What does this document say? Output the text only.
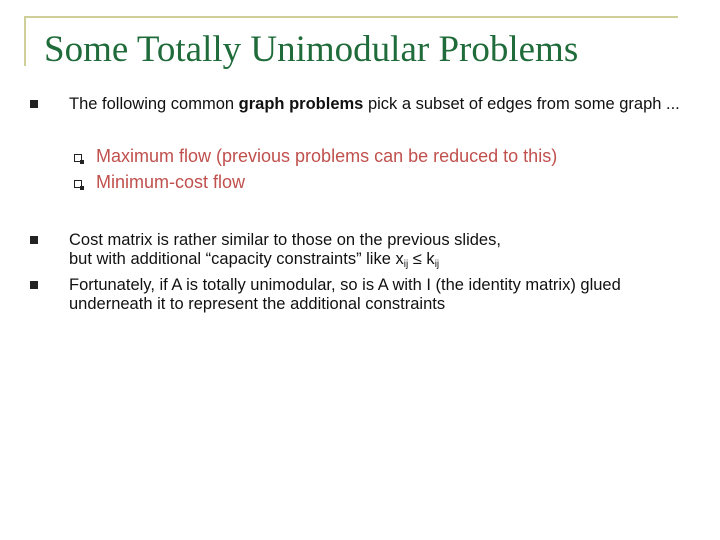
Some Totally Unimodular Problems
The following common graph problems pick a subset of edges from some graph ...
Maximum flow (previous problems can be reduced to this)
Minimum-cost flow
Cost matrix is rather similar to those on the previous slides,
but with additional “capacity constraints” like $x_{ij} \le k_{ij}$
Fortunately, if A is totally unimodular, so is A with I (the identity matrix) glued underneath it to represent the additional constraints
